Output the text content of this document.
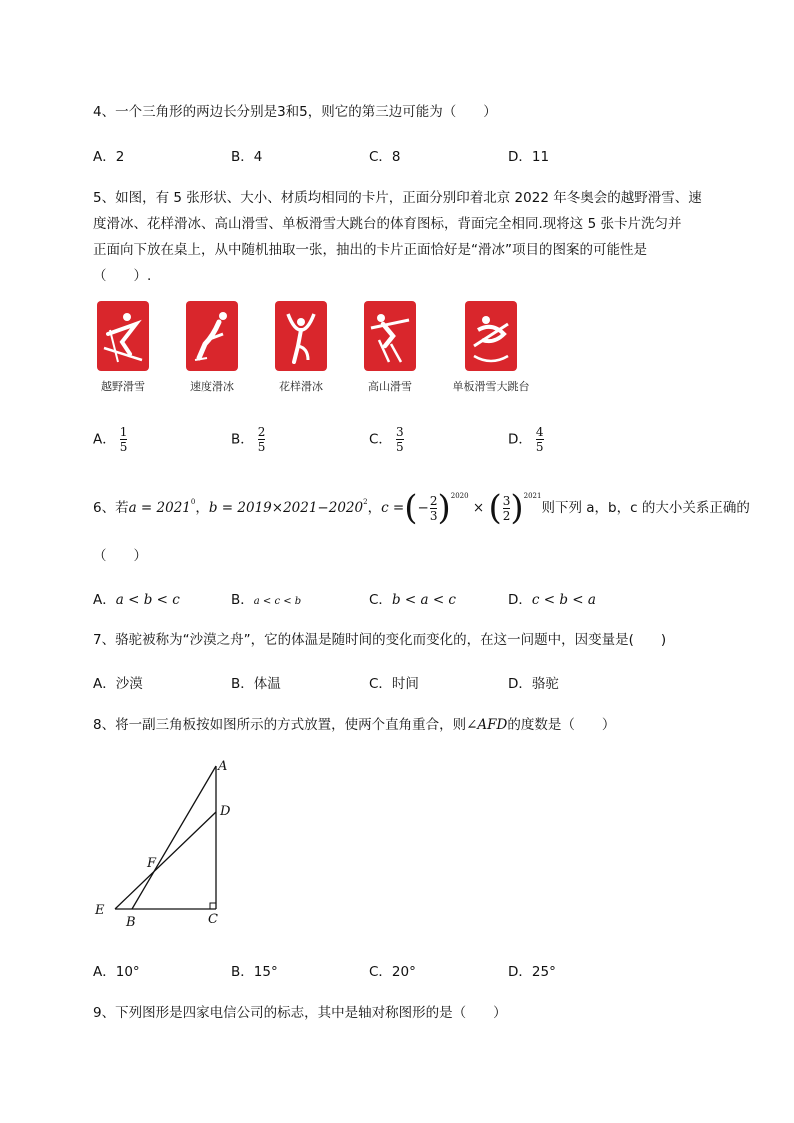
4、一个三角形的两边长分别是3和5，则它的第三边可能为（　　）
A．2	B．4	C．8	D．11
5、如图，有 5 张形状、大小、材质均相同的卡片，正面分别印着北京 2022 年冬奥会的越野滑雪、速
度滑冰、花样滑冰、高山滑雪、单板滑雪大跳台的体育图标，背面完全相同.现将这 5 张卡片洗匀并
正面向下放在桌上，从中随机抽取一张，抽出的卡片正面恰好是“滑冰”项目的图案的可能性是
（　　）.
越野滑雪	速度滑冰	花样滑冰	高山滑雪	单板滑雪大跳台
A． $\frac{1}{5}$	B． $\frac{2}{5}$	C． $\frac{3}{5}$	D． $\frac{4}{5}$
6、若$a = 2021^0$，$b = 2019\times 2021-2020^2$，c =(− $\frac{2}{3} )^{2020}$ × ( $\frac{3}{2} )^{2021}$则下列 a，b，c 的大小关系正确的
（　　）
A．a < b < c	B．a < c < b	C．b < a < c	D．c < b < a
7、骆驼被称为“沙漠之舟”，它的体温是随时间的变化而变化的，在这一问题中，因变量是(　　)
A．沙漠	B．体温	C．时间	D．骆驼
8、将一副三角板按如图所示的方式放置，使两个直角重合，则∠AFD的度数是（　　）
A
D
F
E
B	C
A．10°	B．15°	C．20°	D．25°
9、下列图形是四家电信公司的标志，其中是轴对称图形的是（　　）
